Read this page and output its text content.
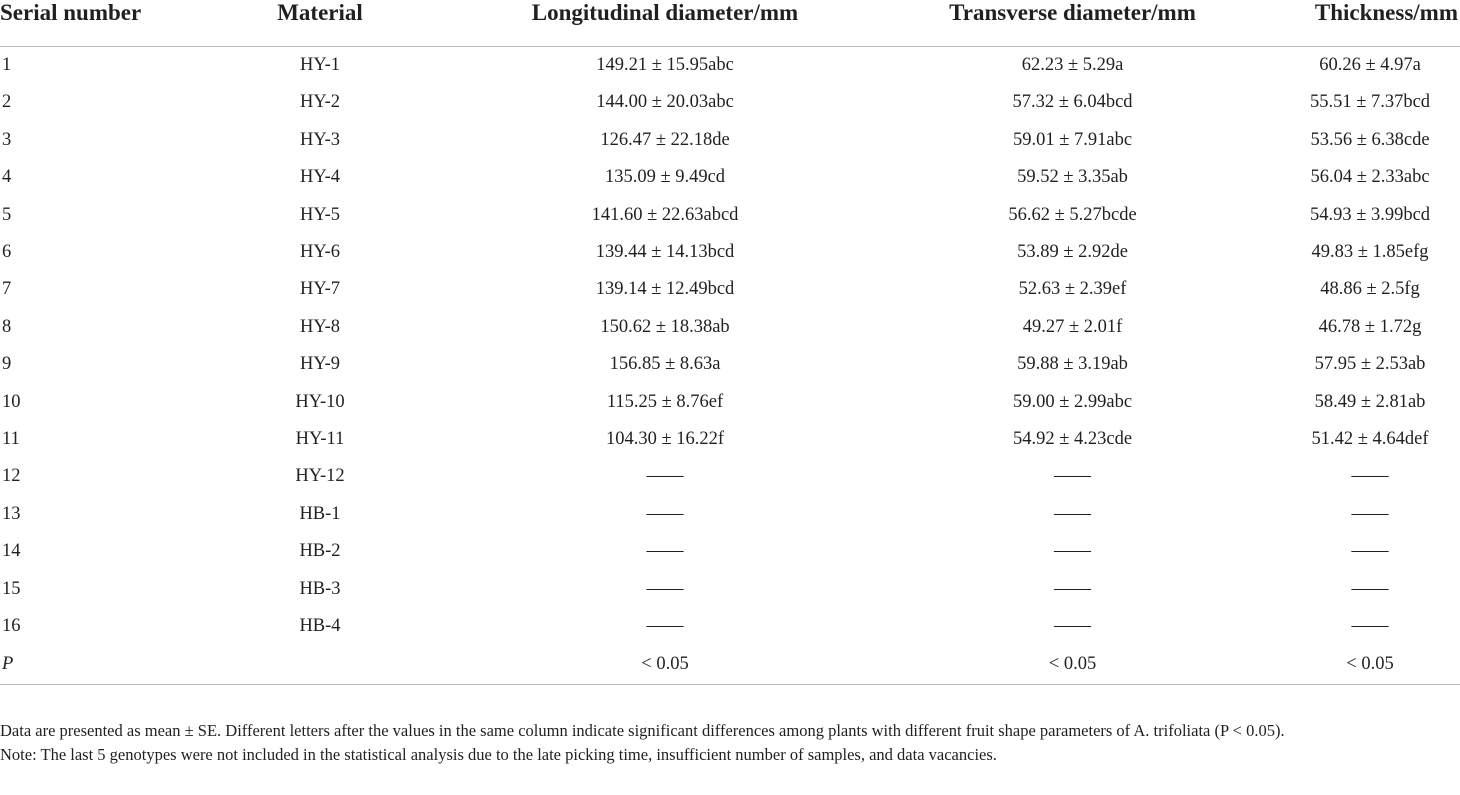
Serial number	Material	Longitudinal diameter/mm	Transverse diameter/mm	Thickness/mm
1	HY-1	149.21 ± 15.95abc	62.23 ± 5.29a	60.26 ± 4.97a
2	HY-2	144.00 ± 20.03abc	57.32 ± 6.04bcd	55.51 ± 7.37bcd
3	HY-3	126.47 ± 22.18de	59.01 ± 7.91abc	53.56 ± 6.38cde
4	HY-4	135.09 ± 9.49cd	59.52 ± 3.35ab	56.04 ± 2.33abc
5	HY-5	141.60 ± 22.63abcd	56.62 ± 5.27bcde	54.93 ± 3.99bcd
6	HY-6	139.44 ± 14.13bcd	53.89 ± 2.92de	49.83 ± 1.85efg
7	HY-7	139.14 ± 12.49bcd	52.63 ± 2.39ef	48.86 ± 2.5fg
8	HY-8	150.62 ± 18.38ab	49.27 ± 2.01f	46.78 ± 1.72g
9	HY-9	156.85 ± 8.63a	59.88 ± 3.19ab	57.95 ± 2.53ab
10	HY-10	115.25 ± 8.76ef	59.00 ± 2.99abc	58.49 ± 2.81ab
11	HY-11	104.30 ± 16.22f	54.92 ± 4.23cde	51.42 ± 4.64def
12	HY-12	——	——	——
13	HB-1	——	——	——
14	HB-2	——	——	——
15	HB-3	——	——	——
16	HB-4	——	——	——
P		< 0.05	< 0.05	< 0.05

Data are presented as mean ± SE. Different letters after the values in the same column indicate significant differences among plants with different fruit shape parameters of A. trifoliata (P < 0.05).

Note: The last 5 genotypes were not included in the statistical analysis due to the late picking time, insufficient number of samples, and data vacancies.
